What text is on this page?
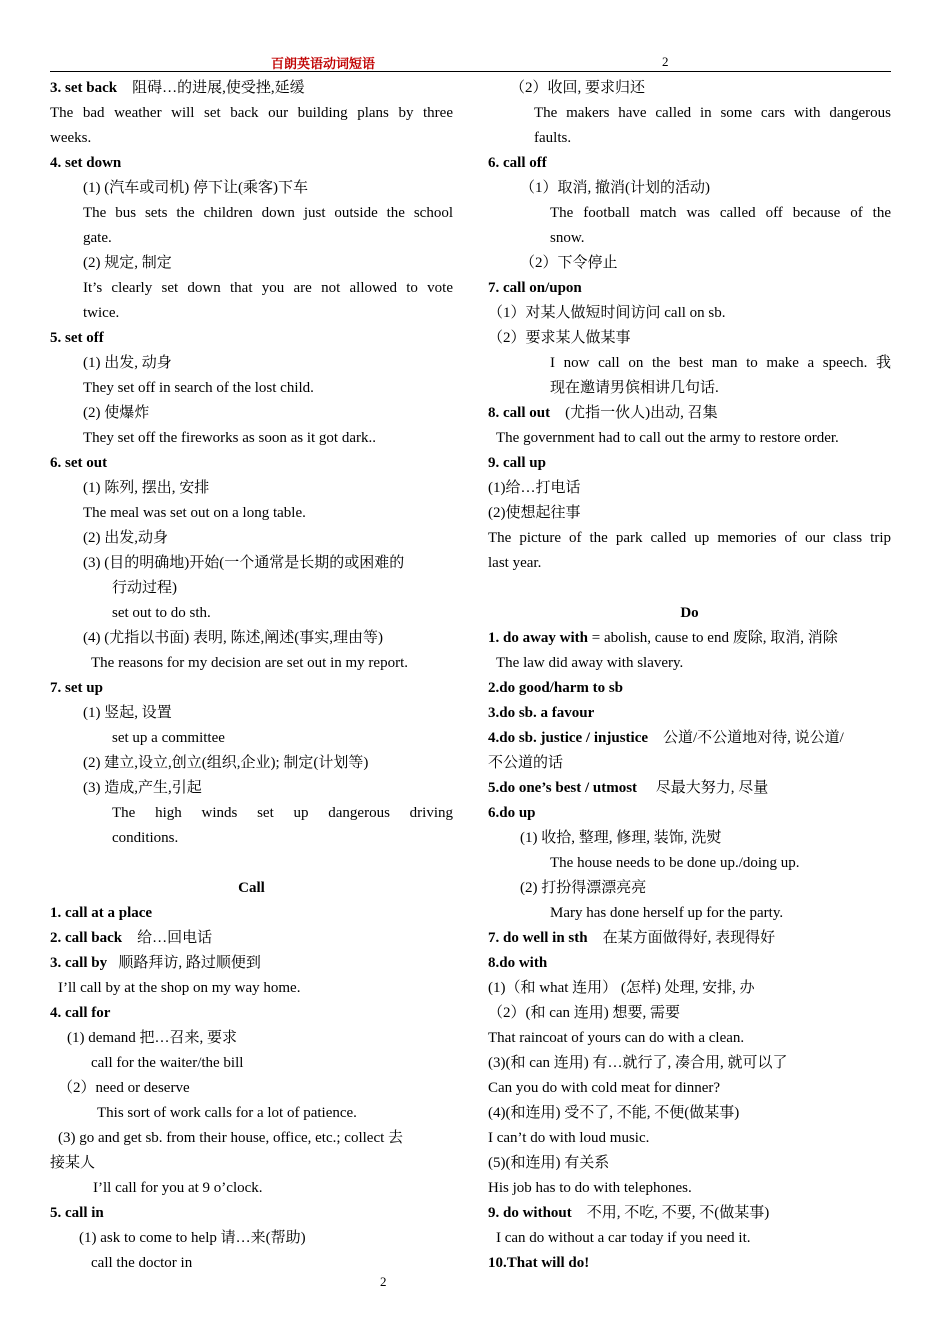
百朗英语动词短语	2
3. set back 阻碍…的进展,使受挫,延缓
The bad weather will set back our building plans by three
weeks.
4. set down
(1) (汽车或司机) 停下让(乘客)下车
The bus sets the children down just outside the school
gate.
(2) 规定, 制定
It’s clearly set down that you are not allowed to vote
twice.
5. set off
(1) 出发, 动身
They set off in search of the lost child.
(2) 使爆炸
They set off the fireworks as soon as it got dark..
6. set out
(1) 陈列, 摆出, 安排
The meal was set out on a long table.
(2) 出发,动身
(3) (目的明确地)开始(一个通常是长期的或困难的
行动过程)
set out to do sth.
(4) (尤指以书面) 表明, 陈述,阐述(事实,理由等)
The reasons for my decision are set out in my report.
7. set up
(1) 竖起, 设置
set up a committee
(2) 建立,设立,创立(组织,企业); 制定(计划等)
(3) 造成,产生,引起
The high winds set up dangerous driving
conditions.
Call
1. call at a place
2. call back 给…回电话
3. call by 顺路拜访, 路过顺便到
I’ll call by at the shop on my way home.
4. call for
(1) demand 把…召来, 要求
call for the waiter/the bill
（2）need or deserve
This sort of work calls for a lot of patience.
(3) go and get sb. from their house, office, etc.; collect 去
接某人
I’ll call for you at 9 o’clock.
5. call in
(1) ask to come to help 请…来(帮助)
call the doctor in
（2）收回, 要求归还
The makers have called in some cars with dangerous
faults.
6. call off
（1）取消, 撤消(计划的活动)
The football match was called off because of the
snow.
（2）下令停止
7. call on/upon
（1）对某人做短时间访问 call on sb.
（2）要求某人做某事
I now call on the best man to make a speech. 我
现在邀请男傧相讲几句话.
8. call out (尤指一伙人)出动, 召集
The government had to call out the army to restore order.
9. call up
(1)给…打电话
(2)使想起往事
The picture of the park called up memories of our class trip
last year.
Do
1. do away with = abolish, cause to end 废除, 取消, 消除
The law did away with slavery.
2.do good/harm to sb
3.do sb. a favour
4.do sb. justice / injustice 公道/不公道地对待, 说公道/
不公道的话
5.do one’s best / utmost 尽最大努力, 尽量
6.do up
(1) 收拾, 整理, 修理, 装饰, 洗熨
The house needs to be done up./doing up.
(2) 打扮得漂漂亮亮
Mary has done herself up for the party.
7. do well in sth 在某方面做得好, 表现得好
8.do with
(1)（和 what 连用） (怎样) 处理, 安排, 办
（2）(和 can 连用) 想要, 需要
That raincoat of yours can do with a clean.
(3)(和 can 连用) 有…就行了, 凑合用, 就可以了
Can you do with cold meat for dinner?
(4)(和连用) 受不了, 不能, 不便(做某事)
I can’t do with loud music.
(5)(和连用) 有关系
His job has to do with telephones.
9. do without 不用, 不吃, 不要, 不(做某事)
I can do without a car today if you need it.
10.That will do!
2
